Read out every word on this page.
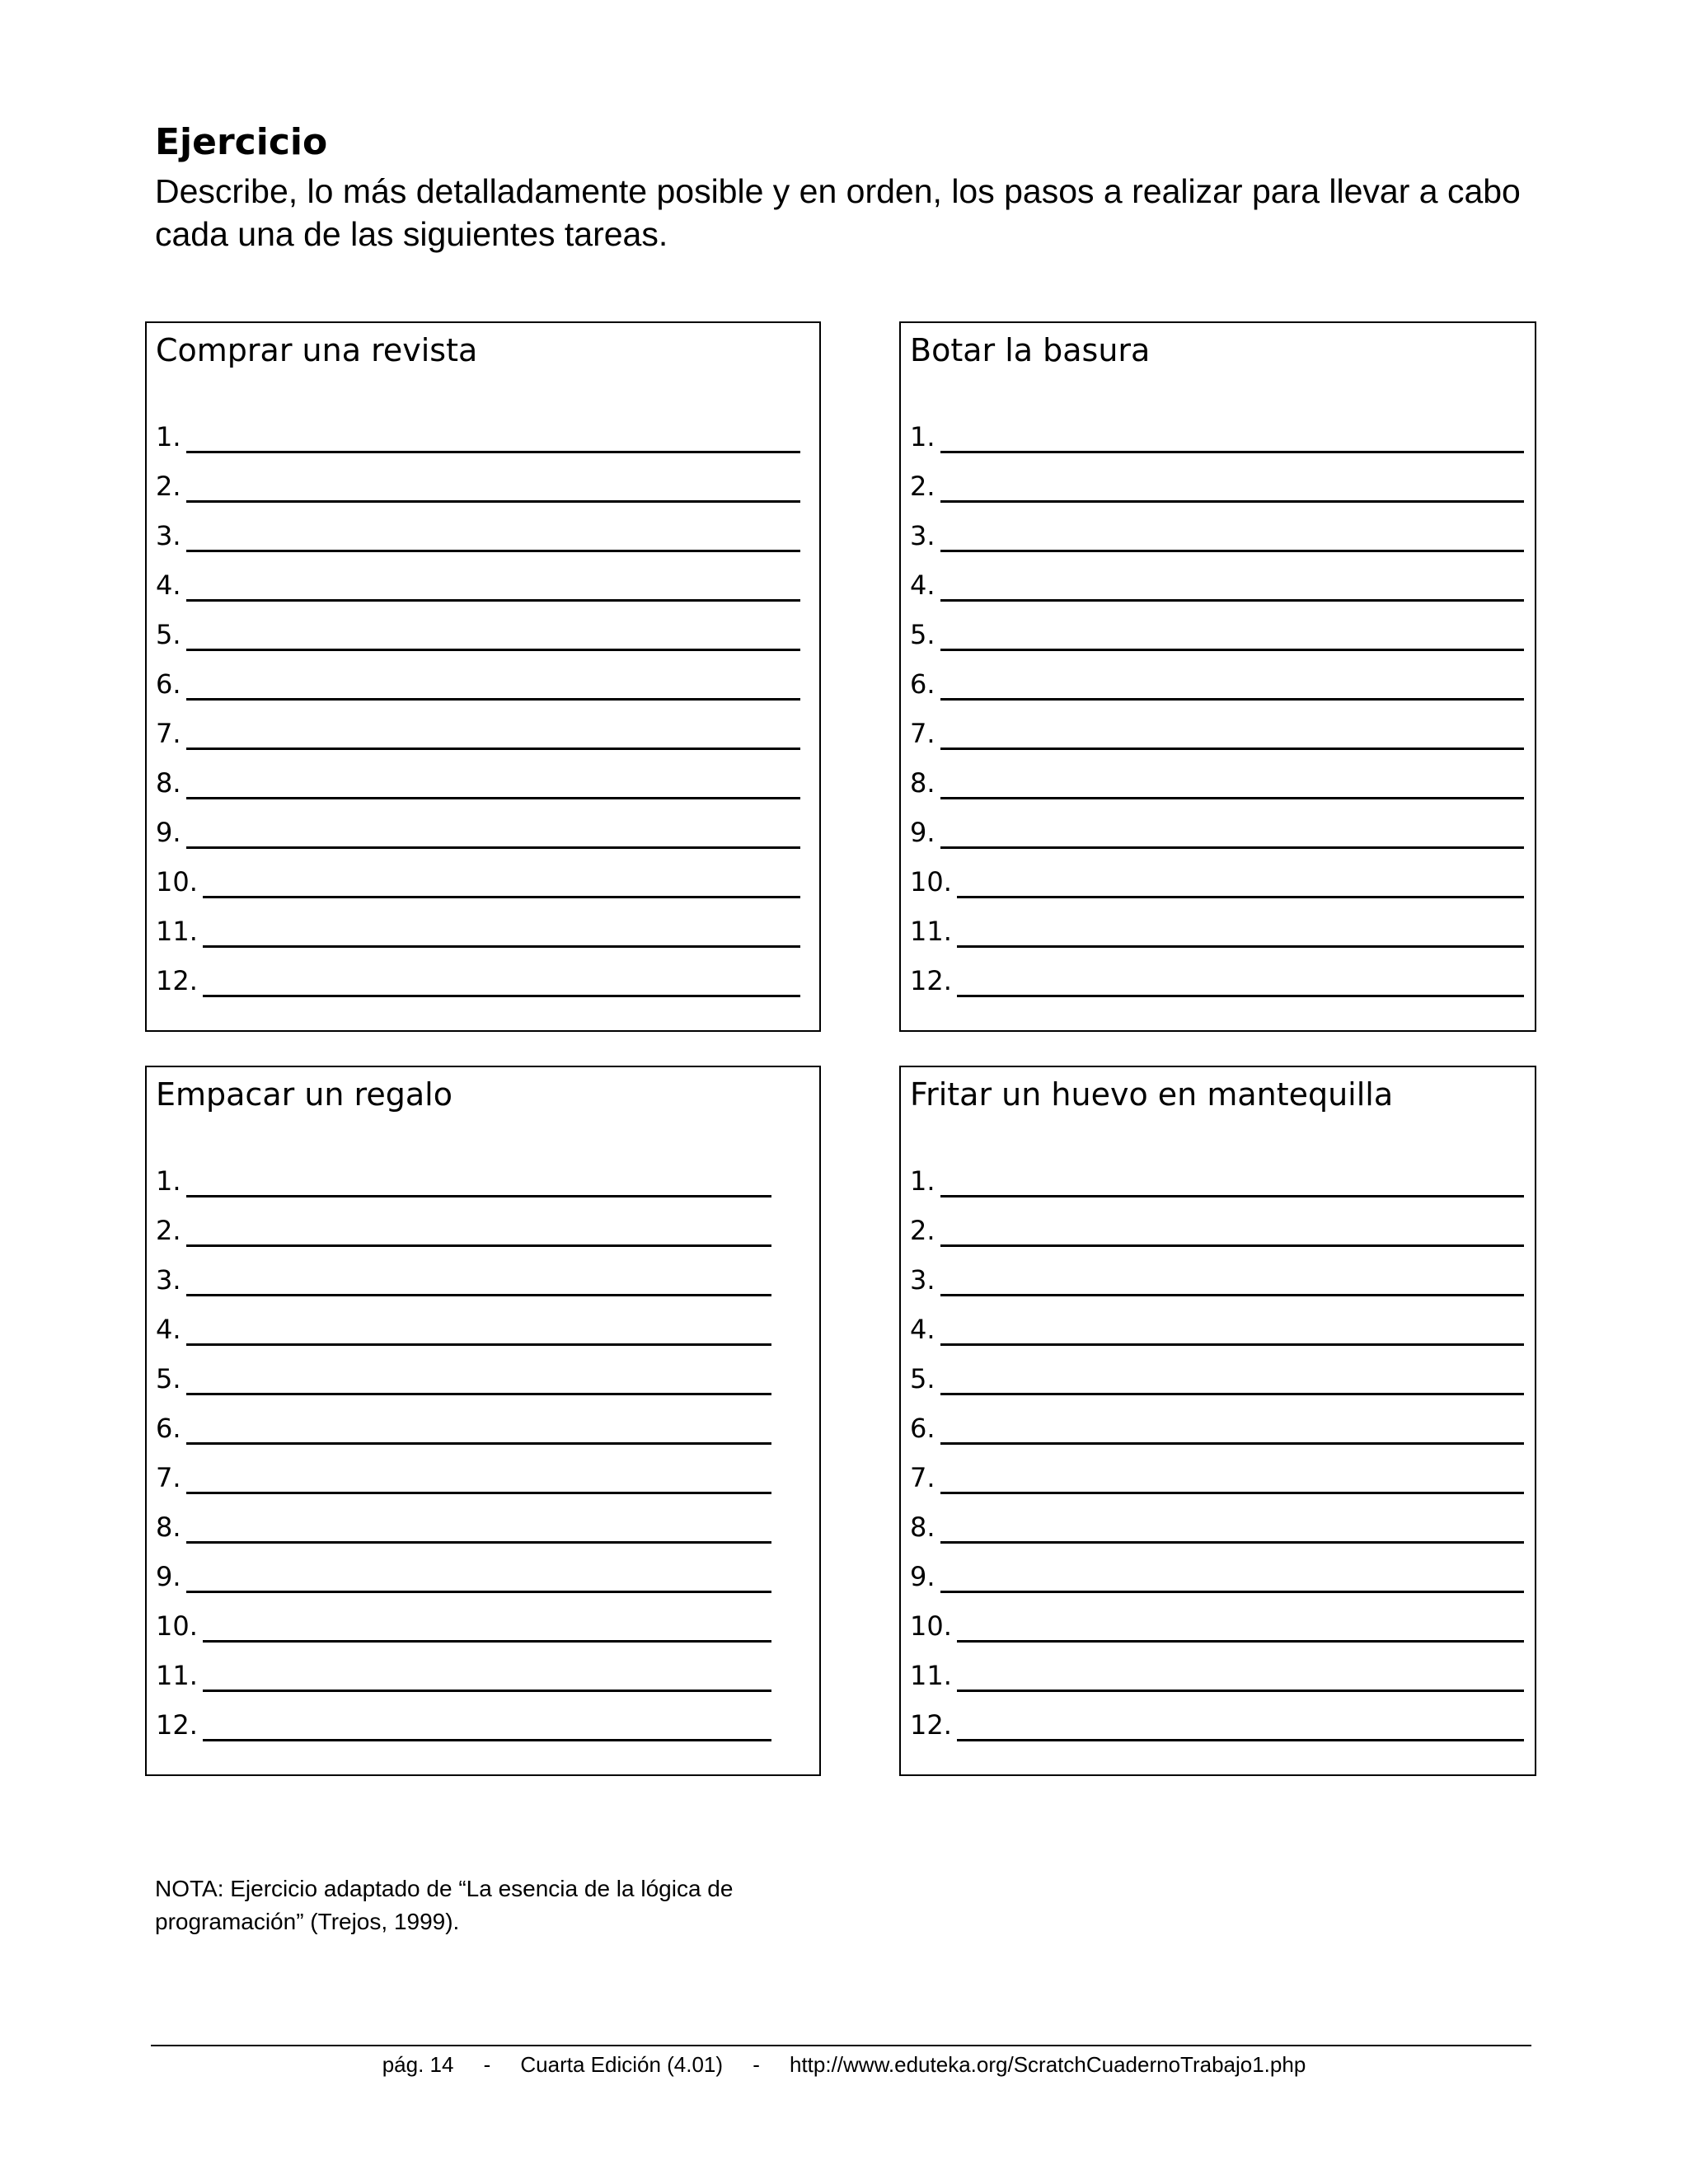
Ejercicio

Describe, lo más detalladamente posible y en orden, los pasos a realizar para llevar a cabo cada una de las siguientes tareas.

Comprar una revista
1.
2.
3.
4.
5.
6.
7.
8.
9.
10.
11.
12.
Botar la basura
1.
2.
3.
4.
5.
6.
7.
8.
9.
10.
11.
12.
Empacar un regalo
1.
2.
3.
4.
5.
6.
7.
8.
9.
10.
11.
12.
Fritar un huevo en mantequilla
1.
2.
3.
4.
5.
6.
7.
8.
9.
10.
11.
12.

NOTA: Ejercicio adaptado de “La esencia de la lógica de programación” (Trejos, 1999).

pág. 14 - Cuarta Edición (4.01) - http://www.eduteka.org/ScratchCuadernoTrabajo1.php
